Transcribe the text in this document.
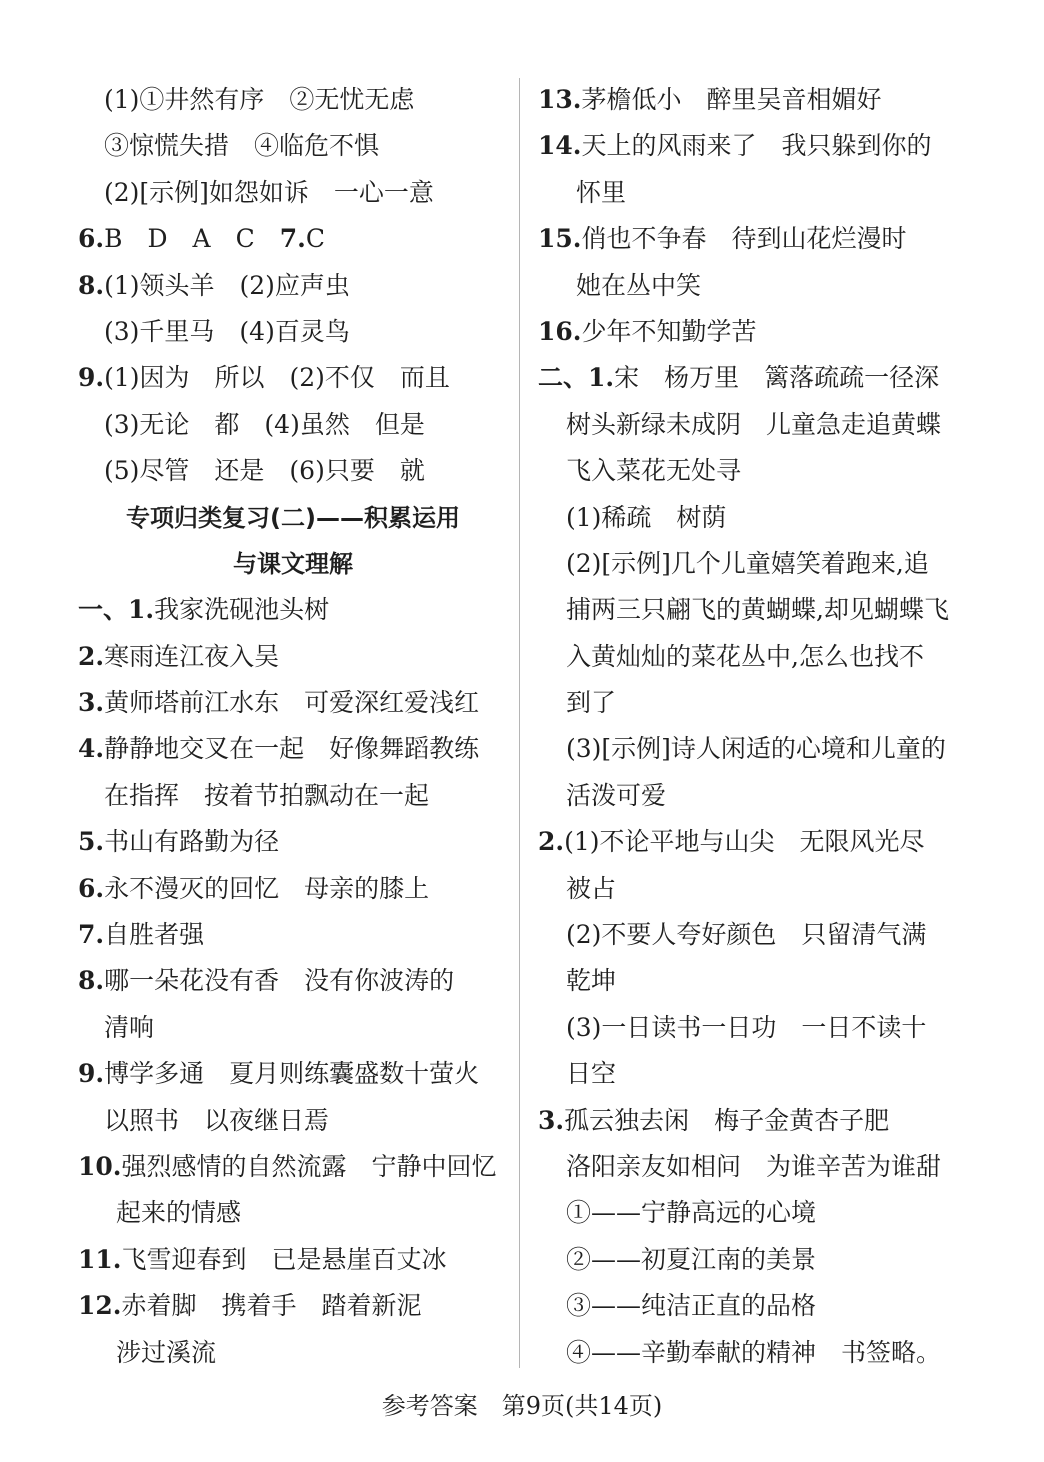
(1)①井然有序　②无忧无虑
③惊慌失措　④临危不惧
(2)[示例]如怨如诉　一心一意
6.B　D　A　C　7.C
8.(1)领头羊　(2)应声虫
(3)千里马　(4)百灵鸟
9.(1)因为　所以　(2)不仅　而且
(3)无论　都　(4)虽然　但是
(5)尽管　还是　(6)只要　就
专项归类复习(二)——积累运用
与课文理解
一、1.我家洗砚池头树
2.寒雨连江夜入吴
3.黄师塔前江水东　可爱深红爱浅红
4.静静地交叉在一起　好像舞蹈教练
在指挥　按着节拍飘动在一起
5.书山有路勤为径
6.永不漫灭的回忆　母亲的膝上
7.自胜者强
8.哪一朵花没有香　没有你波涛的
清响
9.博学多通　夏月则练囊盛数十萤火
以照书　以夜继日焉
10.强烈感情的自然流露　宁静中回忆
起来的情感
11.飞雪迎春到　已是悬崖百丈冰
12.赤着脚　携着手　踏着新泥
涉过溪流
13.茅檐低小　醉里吴音相媚好
14.天上的风雨来了　我只躲到你的
怀里
15.俏也不争春　待到山花烂漫时
她在丛中笑
16.少年不知勤学苦
二、1.宋　杨万里　篱落疏疏一径深
树头新绿未成阴　儿童急走追黄蝶
飞入菜花无处寻
(1)稀疏　树荫
(2)[示例]几个儿童嬉笑着跑来,追
捕两三只翩飞的黄蝴蝶,却见蝴蝶飞
入黄灿灿的菜花丛中,怎么也找不
到了
(3)[示例]诗人闲适的心境和儿童的
活泼可爱
2.(1)不论平地与山尖　无限风光尽
被占
(2)不要人夸好颜色　只留清气满
乾坤
(3)一日读书一日功　一日不读十
日空
3.孤云独去闲　梅子金黄杏子肥
洛阳亲友如相问　为谁辛苦为谁甜
①——宁静高远的心境
②——初夏江南的美景
③——纯洁正直的品格
④——辛勤奉献的精神　书签略。
参考答案　第9页(共14页)
